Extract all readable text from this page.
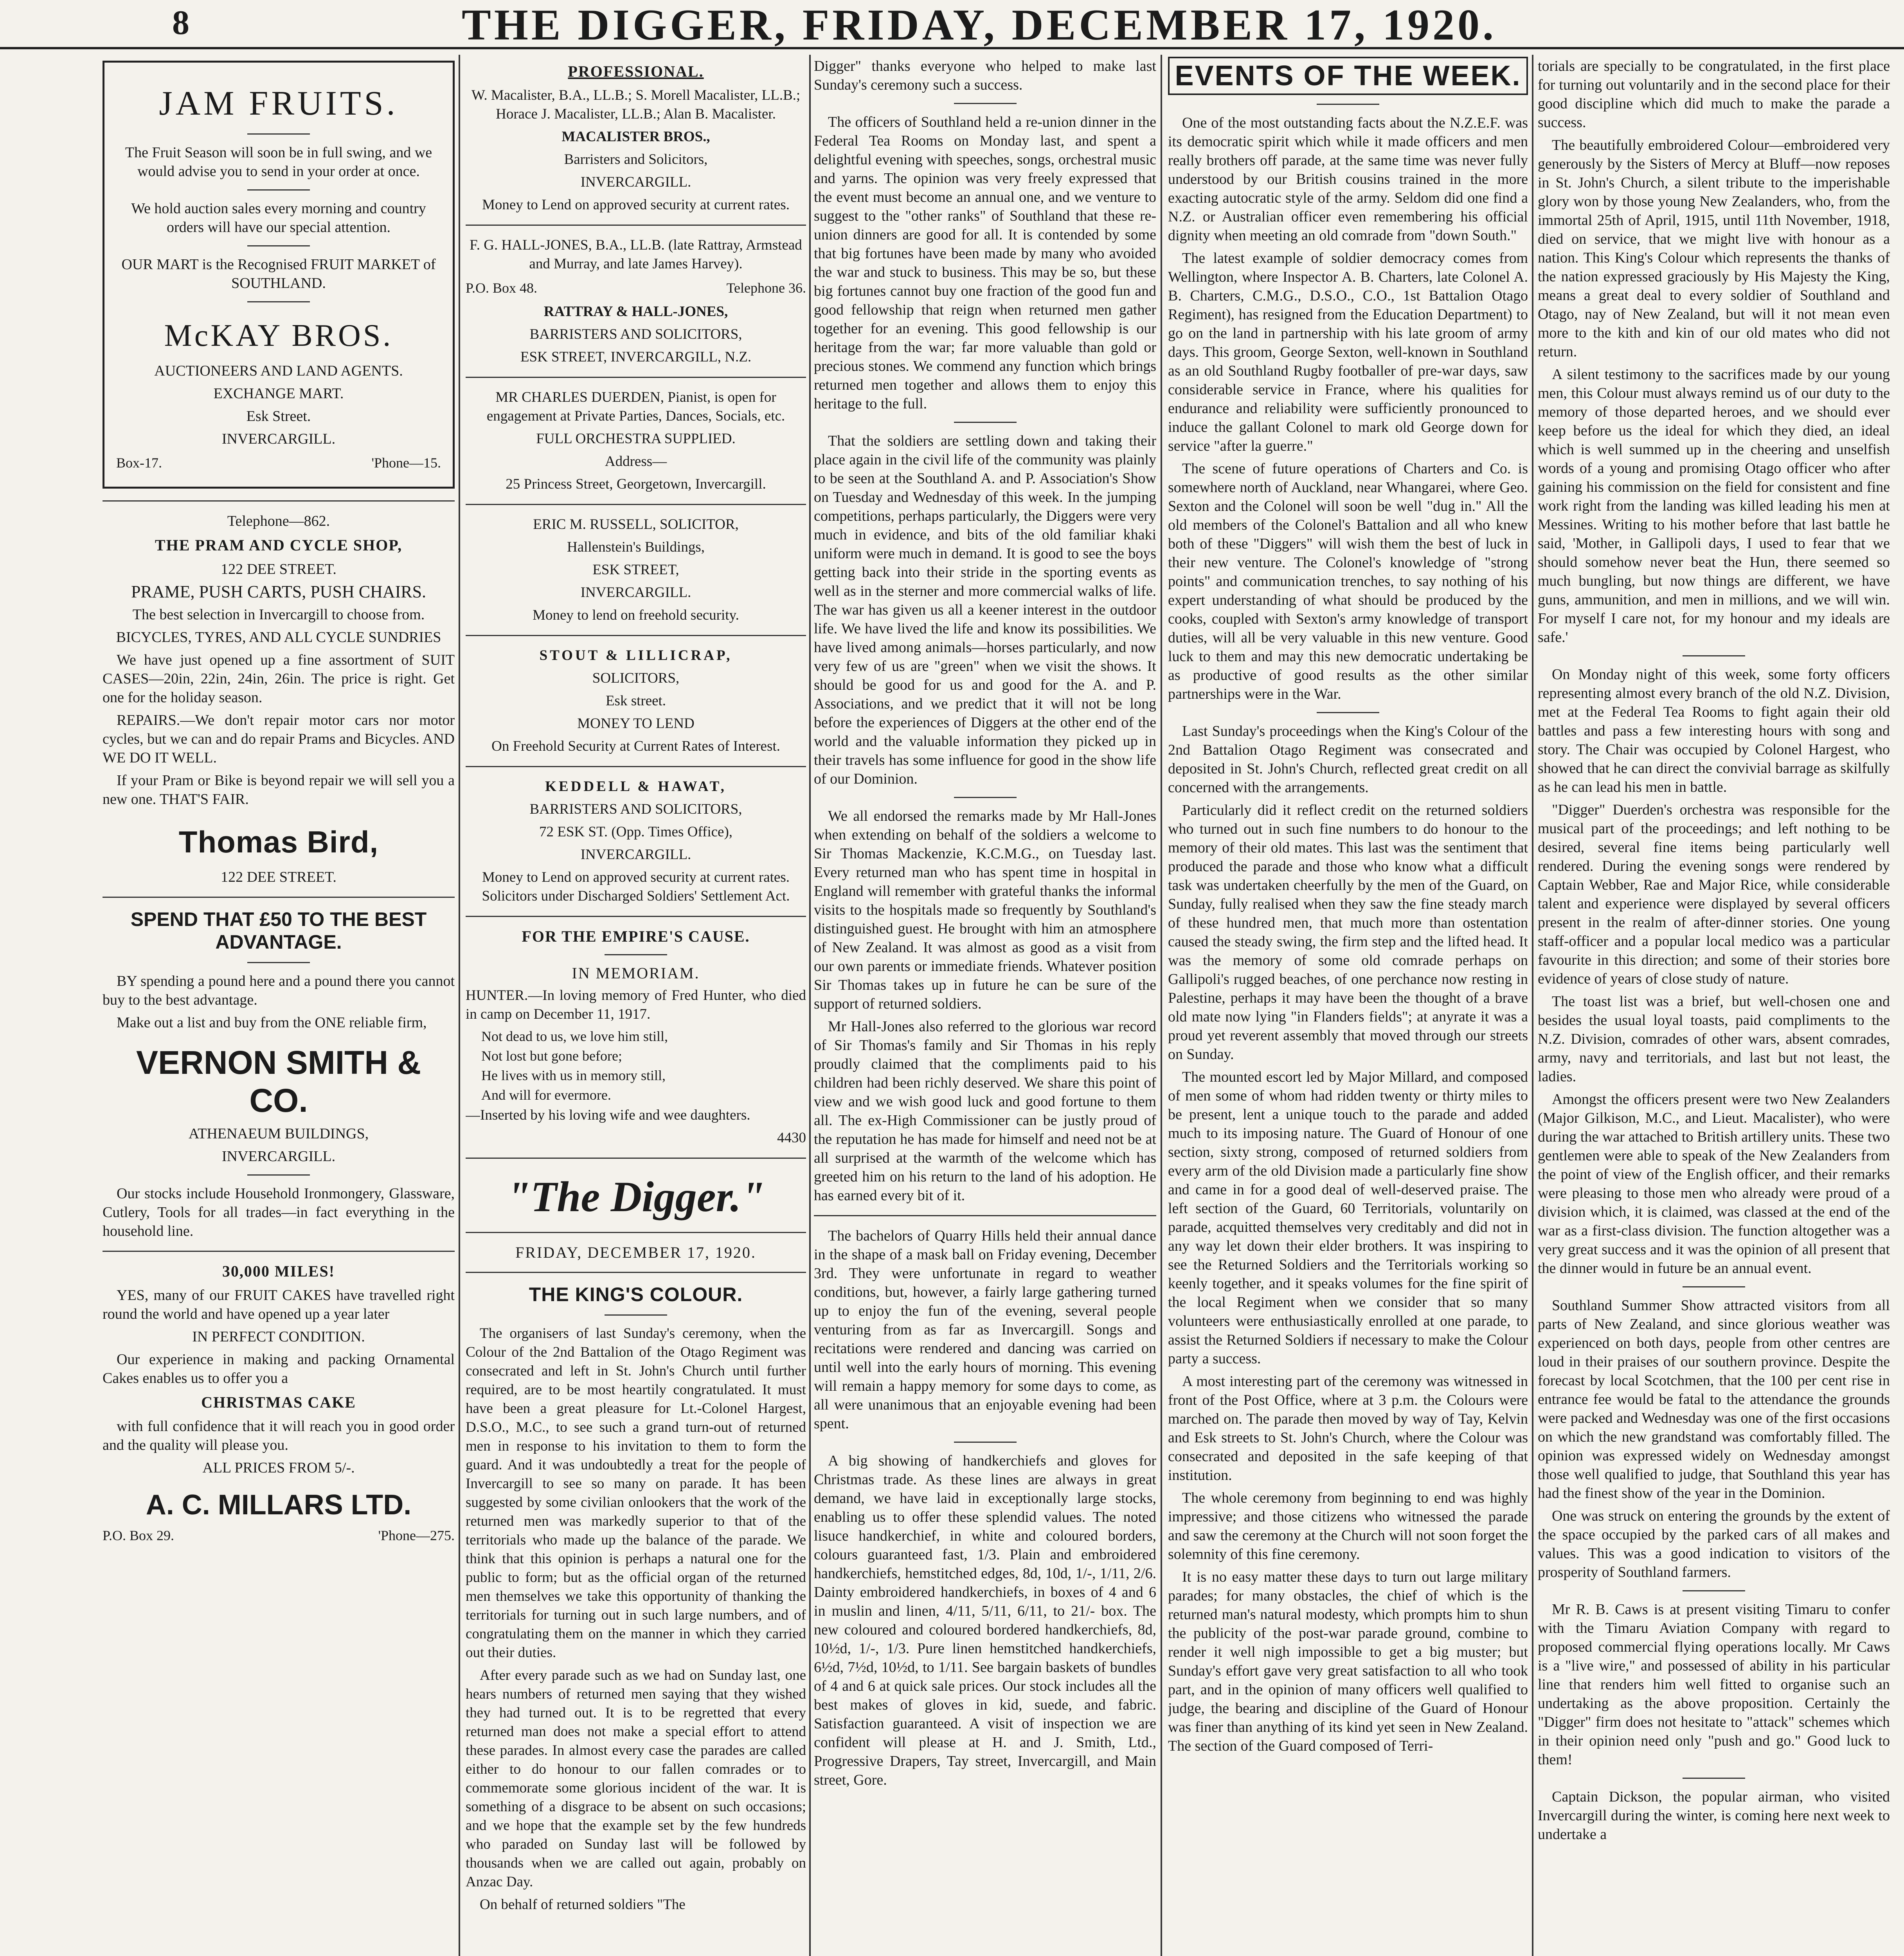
8	THE DIGGER, FRIDAY, DECEMBER 17, 1920.
JAM FRUITS.

The Fruit Season will soon be in full swing, and we would advise you to send in your order at once.

We hold auction sales every morning and country orders will have our special attention.

OUR MART is the Recognised FRUIT MARKET of SOUTHLAND.

McKAY BROS.

AUCTIONEERS AND LAND AGENTS.

EXCHANGE MART.

Esk Street.

INVERCARGILL.

Box-17.	'Phone—15.

Telephone—862.

THE PRAM AND CYCLE SHOP,

122 DEE STREET.

PRAME, PUSH CARTS, PUSH CHAIRS.

The best selection in Invercargill to choose from.

BICYCLES, TYRES, AND ALL CYCLE SUNDRIES

We have just opened up a fine assortment of SUIT CASES—20in, 22in, 24in, 26in. The price is right. Get one for the holiday season.

REPAIRS.—We don't repair motor cars nor motor cycles, but we can and do repair Prams and Bicycles. AND WE DO IT WELL.

If your Pram or Bike is beyond repair we will sell you a new one. THAT'S FAIR.

Thomas Bird,

122 DEE STREET.

SPEND THAT £50 TO THE BEST ADVANTAGE.

BY spending a pound here and a pound there you cannot buy to the best advantage.

Make out a list and buy from the ONE reliable firm,

VERNON SMITH & CO.

ATHENAEUM BUILDINGS,

INVERCARGILL.

Our stocks include Household Ironmongery, Glassware, Cutlery, Tools for all trades—in fact everything in the household line.

30,000 MILES!

YES, many of our FRUIT CAKES have travelled right round the world and have opened up a year later

IN PERFECT CONDITION.

Our experience in making and packing Ornamental Cakes enables us to offer you a

CHRISTMAS CAKE

with full confidence that it will reach you in good order and the quality will please you.

ALL PRICES FROM 5/-.

A. C. MILLARS LTD.
P.O. Box 29.	'Phone—275.
PROFESSIONAL.

W. Macalister, B.A., LL.B.; S. Morell Macalister, LL.B.; Horace J. Macalister, LL.B.; Alan B. Macalister.

MACALISTER BROS.,

Barristers and Solicitors,

INVERCARGILL.

Money to Lend on approved security at current rates.

F. G. HALL-JONES, B.A., LL.B. (late Rattray, Armstead and Murray, and late James Harvey).

P.O. Box 48.	Telephone 36.

RATTRAY & HALL-JONES,

BARRISTERS AND SOLICITORS,

ESK STREET, INVERCARGILL, N.Z.

MR CHARLES DUERDEN, Pianist, is open for engagement at Private Parties, Dances, Socials, etc.

FULL ORCHESTRA SUPPLIED.

Address—

25 Princess Street, Georgetown, Invercargill.

ERIC M. RUSSELL, SOLICITOR,

Hallenstein's Buildings,

ESK STREET,

INVERCARGILL.

Money to lend on freehold security.

STOUT & LILLICRAP,

SOLICITORS,

Esk street.

MONEY TO LEND

On Freehold Security at Current Rates of Interest.

KEDDELL & HAWAT,

BARRISTERS AND SOLICITORS,

72 ESK ST. (Opp. Times Office),

INVERCARGILL.

Money to Lend on approved security at current rates. Solicitors under Discharged Soldiers' Settlement Act.

FOR THE EMPIRE'S CAUSE.
IN MEMORIAM.

HUNTER.—In loving memory of Fred Hunter, who died in camp on December 11, 1917.

Not dead to us, we love him still,
Not lost but gone before;
He lives with us in memory still,
And will for evermore.

—Inserted by his loving wife and wee daughters.

4430

"The Digger."
FRIDAY, DECEMBER 17, 1920.
THE KING'S COLOUR.

The organisers of last Sunday's ceremony, when the Colour of the 2nd Battalion of the Otago Regiment was consecrated and left in St. John's Church until further required, are to be most heartily congratulated. It must have been a great pleasure for Lt.-Colonel Hargest, D.S.O., M.C., to see such a grand turn-out of returned men in response to his invitation to them to form the guard. And it was undoubtedly a treat for the people of Invercargill to see so many on parade. It has been suggested by some civilian onlookers that the work of the returned men was markedly superior to that of the territorials who made up the balance of the parade. We think that this opinion is perhaps a natural one for the public to form; but as the official organ of the returned men themselves we take this opportunity of thanking the territorials for turning out in such large numbers, and of congratulating them on the manner in which they carried out their duties.

After every parade such as we had on Sunday last, one hears numbers of returned men saying that they wished they had turned out. It is to be regretted that every returned man does not make a special effort to attend these parades. In almost every case the parades are called either to do honour to our fallen comrades or to commemorate some glorious incident of the war. It is something of a disgrace to be absent on such occasions; and we hope that the example set by the few hundreds who paraded on Sunday last will be followed by thousands when we are called out again, probably on Anzac Day.

On behalf of returned soldiers "The

Digger" thanks everyone who helped to make last Sunday's ceremony such a success.

The officers of Southland held a re-union dinner in the Federal Tea Rooms on Monday last, and spent a delightful evening with speeches, songs, orchestral music and yarns. The opinion was very freely expressed that the event must become an annual one, and we venture to suggest to the "other ranks" of Southland that these re-union dinners are good for all. It is contended by some that big fortunes have been made by many who avoided the war and stuck to business. This may be so, but these big fortunes cannot buy one fraction of the good fun and good fellowship that reign when returned men gather together for an evening. This good fellowship is our heritage from the war; far more valuable than gold or precious stones. We commend any function which brings returned men together and allows them to enjoy this heritage to the full.

That the soldiers are settling down and taking their place again in the civil life of the community was plainly to be seen at the Southland A. and P. Association's Show on Tuesday and Wednesday of this week. In the jumping competitions, perhaps particularly, the Diggers were very much in evidence, and bits of the old familiar khaki uniform were much in demand. It is good to see the boys getting back into their stride in the sporting events as well as in the sterner and more commercial walks of life. The war has given us all a keener interest in the outdoor life. We have lived the life and know its possibilities. We have lived among animals—horses particularly, and now very few of us are "green" when we visit the shows. It should be good for us and good for the A. and P. Associations, and we predict that it will not be long before the experiences of Diggers at the other end of the world and the valuable information they picked up in their travels has some influence for good in the show life of our Dominion.

We all endorsed the remarks made by Mr Hall-Jones when extending on behalf of the soldiers a welcome to Sir Thomas Mackenzie, K.C.M.G., on Tuesday last. Every returned man who has spent time in hospital in England will remember with grateful thanks the informal visits to the hospitals made so frequently by Southland's distinguished guest. He brought with him an atmosphere of New Zealand. It was almost as good as a visit from our own parents or immediate friends. Whatever position Sir Thomas takes up in future he can be sure of the support of returned soldiers.

Mr Hall-Jones also referred to the glorious war record of Sir Thomas's family and Sir Thomas in his reply proudly claimed that the compliments paid to his children had been richly deserved. We share this point of view and we wish good luck and good fortune to them all. The ex-High Commissioner can be justly proud of the reputation he has made for himself and need not be at all surprised at the warmth of the welcome which has greeted him on his return to the land of his adoption. He has earned every bit of it.

The bachelors of Quarry Hills held their annual dance in the shape of a mask ball on Friday evening, December 3rd. They were unfortunate in regard to weather conditions, but, however, a fairly large gathering turned up to enjoy the fun of the evening, several people venturing from as far as Invercargill. Songs and recitations were rendered and dancing was carried on until well into the early hours of morning. This evening will remain a happy memory for some days to come, as all were unanimous that an enjoyable evening had been spent.

A big showing of handkerchiefs and gloves for Christmas trade. As these lines are always in great demand, we have laid in exceptionally large stocks, enabling us to offer these splendid values. The noted lisuce handkerchief, in white and coloured borders, colours guaranteed fast, 1/3. Plain and embroidered handkerchiefs, hemstitched edges, 8d, 10d, 1/-, 1/11, 2/6. Dainty embroidered handkerchiefs, in boxes of 4 and 6 in muslin and linen, 4/11, 5/11, 6/11, to 21/- box. The new coloured and coloured bordered handkerchiefs, 8d, 10½d, 1/-, 1/3. Pure linen hemstitched handkerchiefs, 6½d, 7½d, 10½d, to 1/11. See bargain baskets of bundles of 4 and 6 at quick sale prices. Our stock includes all the best makes of gloves in kid, suede, and fabric. Satisfaction guaranteed. A visit of inspection we are confident will please at H. and J. Smith, Ltd., Progressive Drapers, Tay street, Invercargill, and Main street, Gore.

EVENTS OF THE WEEK.

One of the most outstanding facts about the N.Z.E.F. was its democratic spirit which while it made officers and men really brothers off parade, at the same time was never fully understood by our British cousins trained in the more exacting autocratic style of the army. Seldom did one find a N.Z. or Australian officer even remembering his official dignity when meeting an old comrade from "down South."

The latest example of soldier democracy comes from Wellington, where Inspector A. B. Charters, late Colonel A. B. Charters, C.M.G., D.S.O., C.O., 1st Battalion Otago Regiment), has resigned from the Education Department) to go on the land in partnership with his late groom of army days. This groom, George Sexton, well-known in Southland as an old Southland Rugby footballer of pre-war days, saw considerable service in France, where his qualities for endurance and reliability were sufficiently pronounced to induce the gallant Colonel to mark old George down for service "after la guerre."

The scene of future operations of Charters and Co. is somewhere north of Auckland, near Whangarei, where Geo. Sexton and the Colonel will soon be well "dug in." All the old members of the Colonel's Battalion and all who knew both of these "Diggers" will wish them the best of luck in their new venture. The Colonel's knowledge of "strong points" and communication trenches, to say nothing of his expert understanding of what should be produced by the cooks, coupled with Sexton's army knowledge of transport duties, will all be very valuable in this new venture. Good luck to them and may this new democratic undertaking be as productive of good results as the other similar partnerships were in the War.

Last Sunday's proceedings when the King's Colour of the 2nd Battalion Otago Regiment was consecrated and deposited in St. John's Church, reflected great credit on all concerned with the arrangements.

Particularly did it reflect credit on the returned soldiers who turned out in such fine numbers to do honour to the memory of their old mates. This last was the sentiment that produced the parade and those who know what a difficult task was undertaken cheerfully by the men of the Guard, on Sunday, fully realised when they saw the fine steady march of these hundred men, that much more than ostentation caused the steady swing, the firm step and the lifted head. It was the memory of some old comrade perhaps on Gallipoli's rugged beaches, of one perchance now resting in Palestine, perhaps it may have been the thought of a brave old mate now lying "in Flanders fields"; at anyrate it was a proud yet reverent assembly that moved through our streets on Sunday.

The mounted escort led by Major Millard, and composed of men some of whom had ridden twenty or thirty miles to be present, lent a unique touch to the parade and added much to its imposing nature. The Guard of Honour of one section, sixty strong, composed of returned soldiers from every arm of the old Division made a particularly fine show and came in for a good deal of well-deserved praise. The left section of the Guard, 60 Territorials, voluntarily on parade, acquitted themselves very creditably and did not in any way let down their elder brothers. It was inspiring to see the Returned Soldiers and the Territorials working so keenly together, and it speaks volumes for the fine spirit of the local Regiment when we consider that so many volunteers were enthusiastically enrolled at one parade, to assist the Returned Soldiers if necessary to make the Colour party a success.

A most interesting part of the ceremony was witnessed in front of the Post Office, where at 3 p.m. the Colours were marched on. The parade then moved by way of Tay, Kelvin and Esk streets to St. John's Church, where the Colour was consecrated and deposited in the safe keeping of that institution.

The whole ceremony from beginning to end was highly impressive; and those citizens who witnessed the parade and saw the ceremony at the Church will not soon forget the solemnity of this fine ceremony.

It is no easy matter these days to turn out large military parades; for many obstacles, the chief of which is the returned man's natural modesty, which prompts him to shun the publicity of the post-war parade ground, combine to render it well nigh impossible to get a big muster; but Sunday's effort gave very great satisfaction to all who took part, and in the opinion of many officers well qualified to judge, the bearing and discipline of the Guard of Honour was finer than anything of its kind yet seen in New Zealand. The section of the Guard composed of Terri-

torials are specially to be congratulated, in the first place for turning out voluntarily and in the second place for their good discipline which did much to make the parade a success.

The beautifully embroidered Colour—embroidered very generously by the Sisters of Mercy at Bluff—now reposes in St. John's Church, a silent tribute to the imperishable glory won by those young New Zealanders, who, from the immortal 25th of April, 1915, until 11th November, 1918, died on service, that we might live with honour as a nation. This King's Colour which represents the thanks of the nation expressed graciously by His Majesty the King, means a great deal to every soldier of Southland and Otago, nay of New Zealand, but will it not mean even more to the kith and kin of our old mates who did not return.

A silent testimony to the sacrifices made by our young men, this Colour must always remind us of our duty to the memory of those departed heroes, and we should ever keep before us the ideal for which they died, an ideal which is well summed up in the cheering and unselfish words of a young and promising Otago officer who after gaining his commission on the field for consistent and fine work right from the landing was killed leading his men at Messines. Writing to his mother before that last battle he said, 'Mother, in Gallipoli days, I used to fear that we should somehow never beat the Hun, there seemed so much bungling, but now things are different, we have guns, ammunition, and men in millions, and we will win. For myself I care not, for my honour and my ideals are safe.'

On Monday night of this week, some forty officers representing almost every branch of the old N.Z. Division, met at the Federal Tea Rooms to fight again their old battles and pass a few interesting hours with song and story. The Chair was occupied by Colonel Hargest, who showed that he can direct the convivial barrage as skilfully as he can lead his men in battle.

"Digger" Duerden's orchestra was responsible for the musical part of the proceedings; and left nothing to be desired, several fine items being particularly well rendered. During the evening songs were rendered by Captain Webber, Rae and Major Rice, while considerable talent and experience were displayed by several officers present in the realm of after-dinner stories. One young staff-officer and a popular local medico was a particular favourite in this direction; and some of their stories bore evidence of years of close study of nature.

The toast list was a brief, but well-chosen one and besides the usual loyal toasts, paid compliments to the N.Z. Division, comrades of other wars, absent comrades, army, navy and territorials, and last but not least, the ladies.

Amongst the officers present were two New Zealanders (Major Gilkison, M.C., and Lieut. Macalister), who were during the war attached to British artillery units. These two gentlemen were able to speak of the New Zealanders from the point of view of the English officer, and their remarks were pleasing to those men who already were proud of a division which, it is claimed, was classed at the end of the war as a first-class division. The function altogether was a very great success and it was the opinion of all present that the dinner would in future be an annual event.

Southland Summer Show attracted visitors from all parts of New Zealand, and since glorious weather was experienced on both days, people from other centres are loud in their praises of our southern province. Despite the forecast by local Scotchmen, that the 100 per cent rise in entrance fee would be fatal to the attendance the grounds were packed and Wednesday was one of the first occasions on which the new grandstand was comfortably filled. The opinion was expressed widely on Wednesday amongst those well qualified to judge, that Southland this year has had the finest show of the year in the Dominion.

One was struck on entering the grounds by the extent of the space occupied by the parked cars of all makes and values. This was a good indication to visitors of the prosperity of Southland farmers.

Mr R. B. Caws is at present visiting Timaru to confer with the Timaru Aviation Company with regard to proposed commercial flying operations locally. Mr Caws is a "live wire," and possessed of ability in his particular line that renders him well fitted to organise such an undertaking as the above proposition. Certainly the "Digger" firm does not hesitate to "attack" schemes which in their opinion need only "push and go." Good luck to them!

Captain Dickson, the popular airman, who visited Invercargill during the winter, is coming here next week to undertake a
